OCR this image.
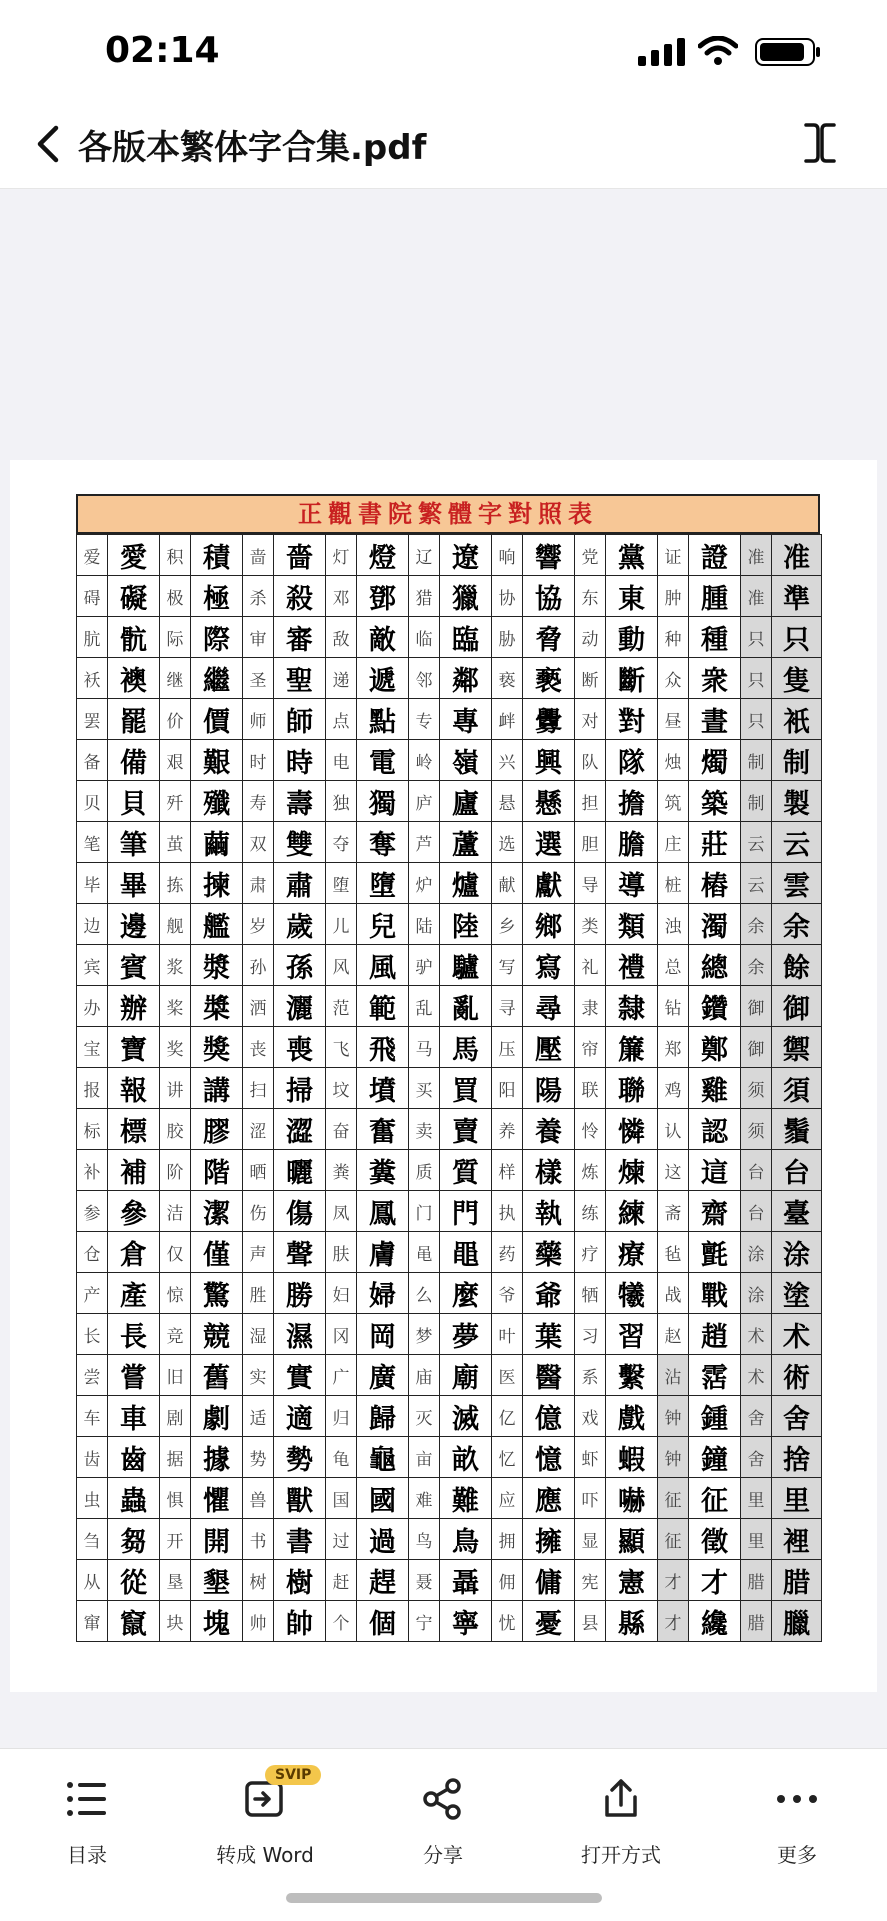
02:14
各版本繁体字合集.pdf
正觀書院繁體字對照表
爱	愛	积	積	啬	嗇	灯	燈	辽	遼	响	響	党	黨	证	證	准	准
碍	礙	极	極	杀	殺	邓	鄧	猎	獵	协	協	东	東	肿	腫	准	準
肮	骯	际	際	审	審	敌	敵	临	臨	胁	脅	动	動	种	種	只	只
袄	襖	继	繼	圣	聖	递	遞	邻	鄰	亵	褻	断	斷	众	衆	只	隻
罢	罷	价	價	师	師	点	點	专	專	衅	釁	对	對	昼	晝	只	衹
备	備	艰	艱	时	時	电	電	岭	嶺	兴	興	队	隊	烛	燭	制	制
贝	貝	歼	殲	寿	壽	独	獨	庐	廬	悬	懸	担	擔	筑	築	制	製
笔	筆	茧	繭	双	雙	夺	奪	芦	蘆	选	選	胆	膽	庄	莊	云	云
毕	畢	拣	揀	肃	肅	堕	墮	炉	爐	献	獻	导	導	桩	樁	云	雲
边	邊	舰	艦	岁	歲	儿	兒	陆	陸	乡	鄉	类	類	浊	濁	余	余
宾	賓	浆	漿	孙	孫	风	風	驴	驢	写	寫	礼	禮	总	總	余	餘
办	辦	桨	槳	洒	灑	范	範	乱	亂	寻	尋	隶	隸	钻	鑽	御	御
宝	寶	奖	獎	丧	喪	飞	飛	马	馬	压	壓	帘	簾	郑	鄭	御	禦
报	報	讲	講	扫	掃	坟	墳	买	買	阳	陽	联	聯	鸡	雞	须	須
标	標	胶	膠	涩	澀	奋	奮	卖	賣	养	養	怜	憐	认	認	须	鬚
补	補	阶	階	晒	曬	粪	糞	质	質	样	樣	炼	煉	这	這	台	台
参	參	洁	潔	伤	傷	凤	鳳	门	門	执	執	练	練	斋	齋	台	臺
仓	倉	仅	僅	声	聲	肤	膚	黾	黽	药	藥	疗	療	毡	氈	涂	涂
产	產	惊	驚	胜	勝	妇	婦	么	麼	爷	爺	牺	犧	战	戰	涂	塗
长	長	竞	競	湿	濕	冈	岡	梦	夢	叶	葉	习	習	赵	趙	术	术
尝	嘗	旧	舊	实	實	广	廣	庙	廟	医	醫	系	繫	沾	霑	术	術
车	車	剧	劇	适	適	归	歸	灭	滅	亿	億	戏	戲	钟	鍾	舍	舍
齿	齒	据	據	势	勢	龟	龜	亩	畝	忆	憶	虾	蝦	钟	鐘	舍	捨
虫	蟲	惧	懼	兽	獸	国	國	难	難	应	應	吓	嚇	征	征	里	里
刍	芻	开	開	书	書	过	過	鸟	鳥	拥	擁	显	顯	征	徵	里	裡
从	從	垦	墾	树	樹	赶	趕	聂	聶	佣	傭	宪	憲	才	才	腊	腊
窜	竄	块	塊	帅	帥	个	個	宁	寧	忧	憂	县	縣	才	纔	腊	臘
目录
SVIP
转成 Word	分享	打开方式	更多
